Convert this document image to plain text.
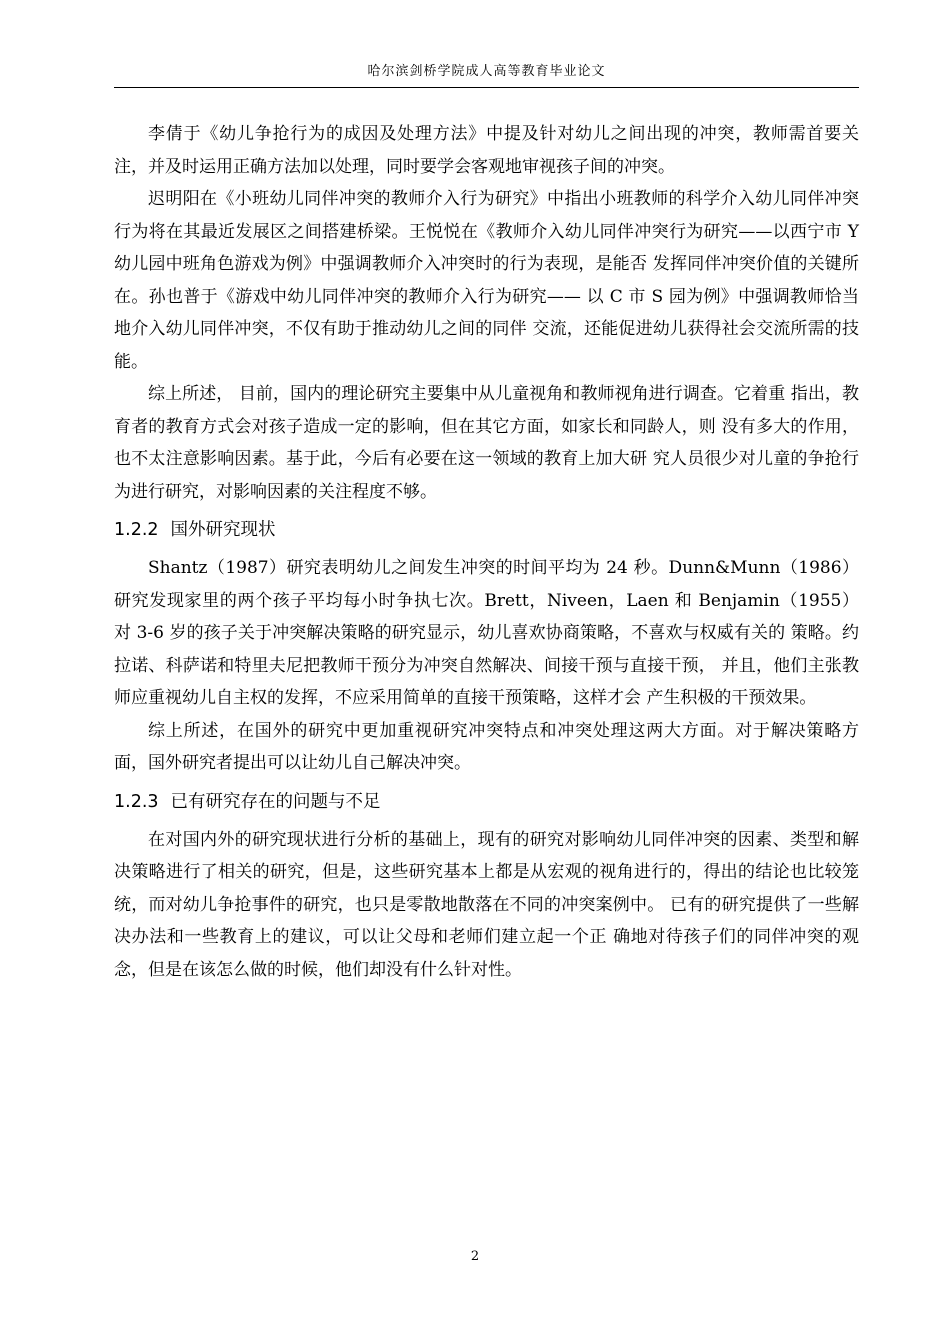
哈尔滨剑桥学院成人高等教育毕业论文

李倩于《幼儿争抢行为的成因及处理方法》中提及针对幼儿之间出现的冲突，教师需首要关注，并及时运用正确方法加以处理，同时要学会客观地审视孩子间的冲突。

迟明阳在《小班幼儿同伴冲突的教师介入行为研究》中指出小班教师的科学介入幼儿同伴冲突行为将在其最近发展区之间搭建桥梁。王悦悦在《教师介入幼儿同伴冲突行为研究——以西宁市 Y 幼儿园中班角色游戏为例》中强调教师介入冲突时的行为表现，是能否 发挥同伴冲突价值的关键所在。孙也普于《游戏中幼儿同伴冲突的教师介入行为研究—— 以 C 市 S 园为例》中强调教师恰当地介入幼儿同伴冲突，不仅有助于推动幼儿之间的同伴 交流，还能促进幼儿获得社会交流所需的技能。

综上所述， 目前，国内的理论研究主要集中从儿童视角和教师视角进行调查。它着重 指出，教育者的教育方式会对孩子造成一定的影响，但在其它方面，如家长和同龄人，则 没有多大的作用，也不太注意影响因素。基于此，今后有必要在这一领域的教育上加大研 究人员很少对儿童的争抢行为进行研究，对影响因素的关注程度不够。

1.2.2 国外研究现状

Shantz（1987）研究表明幼儿之间发生冲突的时间平均为 24 秒。Dunn&Munn（1986） 研究发现家里的两个孩子平均每小时争执七次。Brett，Niveen，Laen 和 Benjamin（1955） 对 3-6 岁的孩子关于冲突解决策略的研究显示，幼儿喜欢协商策略，不喜欢与权威有关的 策略。约拉诺、科萨诺和特里夫尼把教师干预分为冲突自然解决、间接干预与直接干预， 并且，他们主张教师应重视幼儿自主权的发挥，不应采用简单的直接干预策略，这样才会 产生积极的干预效果。

综上所述，在国外的研究中更加重视研究冲突特点和冲突处理这两大方面。对于解决策略方面，国外研究者提出可以让幼儿自己解决冲突。

1.2.3 已有研究存在的问题与不足

在对国内外的研究现状进行分析的基础上，现有的研究对影响幼儿同伴冲突的因素、类型和解决策略进行了相关的研究，但是，这些研究基本上都是从宏观的视角进行的，得出的结论也比较笼统，而对幼儿争抢事件的研究，也只是零散地散落在不同的冲突案例中。 已有的研究提供了一些解决办法和一些教育上的建议，可以让父母和老师们建立起一个正 确地对待孩子们的同伴冲突的观念，但是在该怎么做的时候，他们却没有什么针对性。

2
